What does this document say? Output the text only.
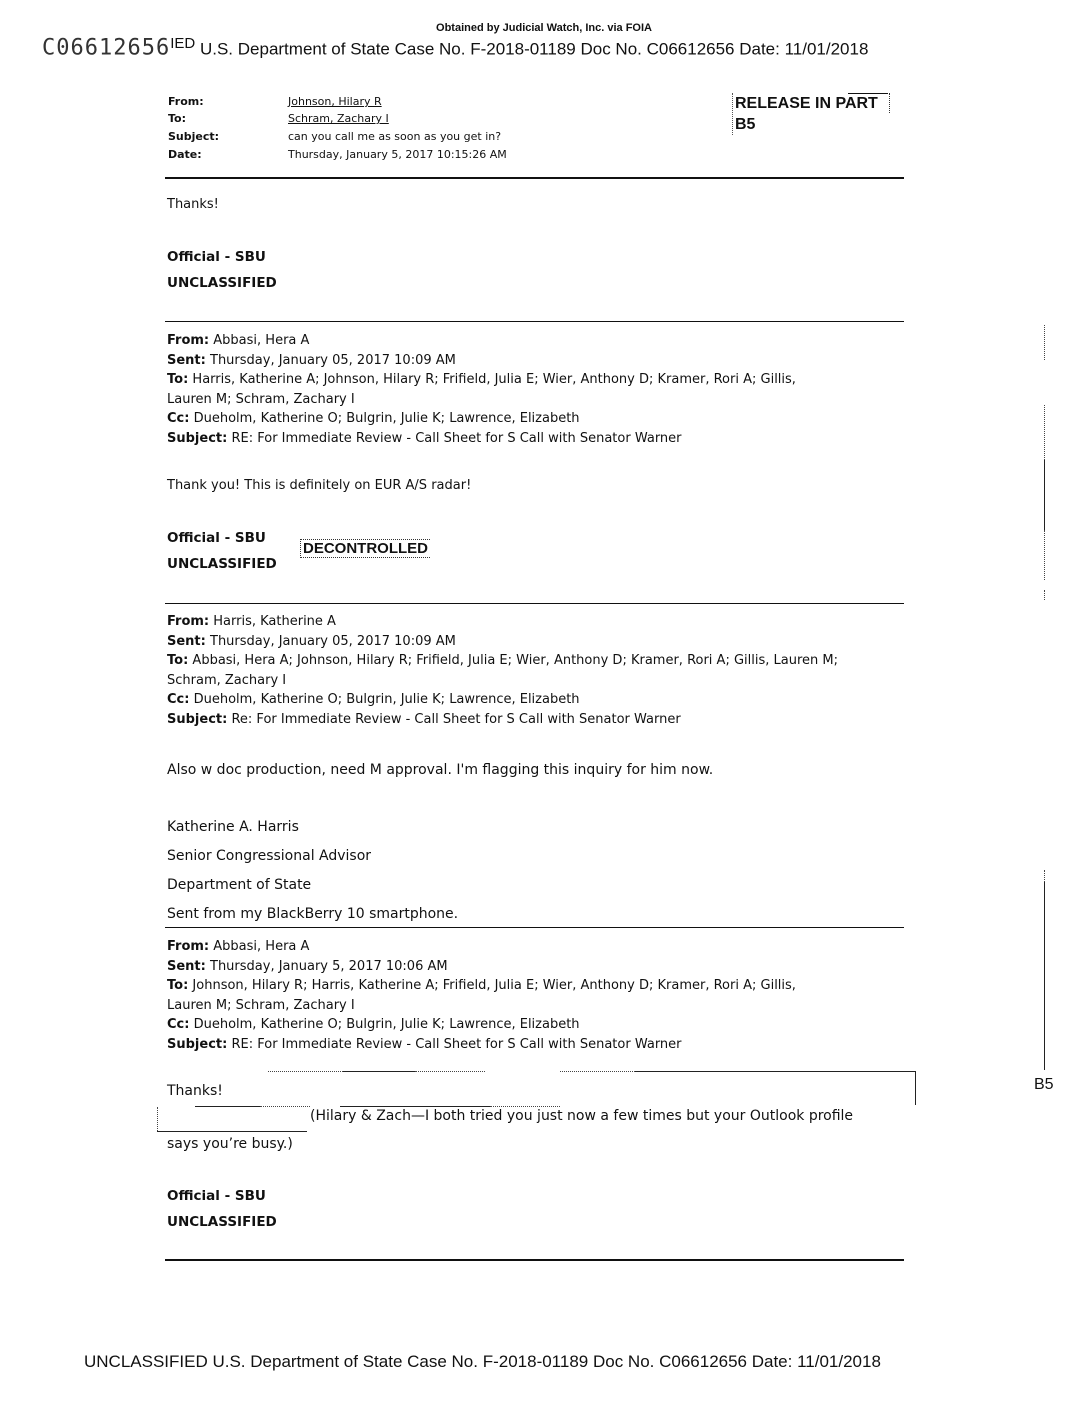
Obtained by Judicial Watch, Inc. via FOIA
C06612656IED U.S. Department of State Case No. F-2018-01189 Doc No. C06612656 Date: 11/01/2018
From:	Johnson, Hilary R
To:	Schram, Zachary I
Subject:	can you call me as soon as you get in?
Date:	Thursday, January 5, 2017 10:15:26 AM
RELEASE IN PART
B5
Thanks!
Official - SBU
UNCLASSIFIED
From: Abbasi, Hera A
Sent: Thursday, January 05, 2017 10:09 AM
To: Harris, Katherine A; Johnson, Hilary R; Frifield, Julia E; Wier, Anthony D; Kramer, Rori A; Gillis,
Lauren M; Schram, Zachary I
Cc: Dueholm, Katherine O; Bulgrin, Julie K; Lawrence, Elizabeth
Subject: RE: For Immediate Review - Call Sheet for S Call with Senator Warner
Thank you! This is definitely on EUR A/S radar!
Official - SBU
UNCLASSIFIED
DECONTROLLED
From: Harris, Katherine A
Sent: Thursday, January 05, 2017 10:09 AM
To: Abbasi, Hera A; Johnson, Hilary R; Frifield, Julia E; Wier, Anthony D; Kramer, Rori A; Gillis, Lauren M;
Schram, Zachary I
Cc: Dueholm, Katherine O; Bulgrin, Julie K; Lawrence, Elizabeth
Subject: Re: For Immediate Review - Call Sheet for S Call with Senator Warner
Also w doc production, need M approval. I'm flagging this inquiry for him now.
Katherine A. Harris
Senior Congressional Advisor
Department of State
Sent from my BlackBerry 10 smartphone.
From: Abbasi, Hera A
Sent: Thursday, January 5, 2017 10:06 AM
To: Johnson, Hilary R; Harris, Katherine A; Frifield, Julia E; Wier, Anthony D; Kramer, Rori A; Gillis,
Lauren M; Schram, Zachary I
Cc: Dueholm, Katherine O; Bulgrin, Julie K; Lawrence, Elizabeth
Subject: RE: For Immediate Review - Call Sheet for S Call with Senator Warner
Thanks!
(Hilary & Zach—I both tried you just now a few times but your Outlook profile
says you’re busy.)
Official - SBU
UNCLASSIFIED
B5
UNCLASSIFIED U.S. Department of State Case No. F-2018-01189 Doc No. C06612656 Date: 11/01/2018
